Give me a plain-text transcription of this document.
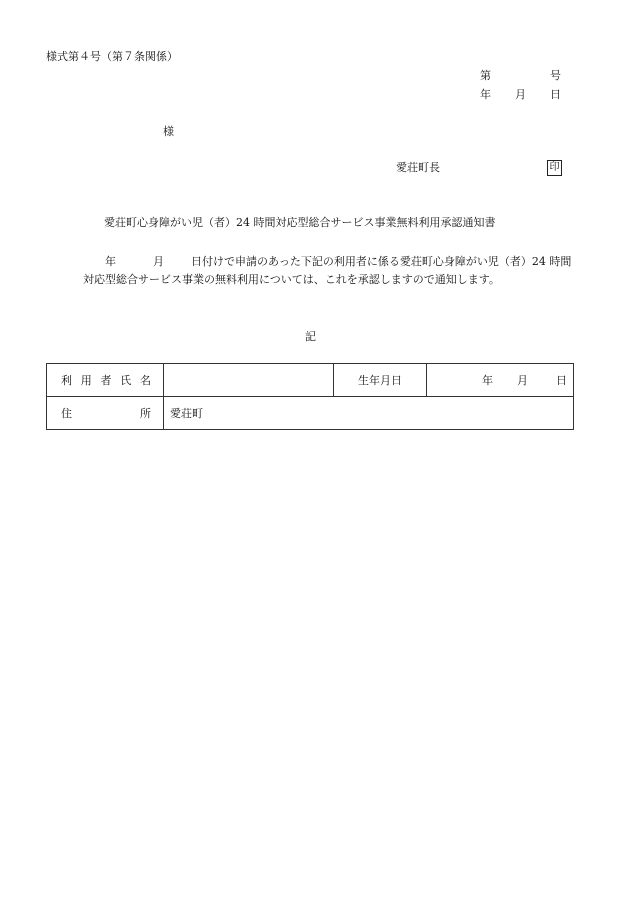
様式第４号（第７条関係）
第	号
年 月 日
様
愛荘町長	印
愛荘町心身障がい児（者）24 時間対応型総合サービス事業無料利用承認通知書
年	月 日付けで申請のあった下記の利用者に係る愛荘町心身障がい児（者）24 時間
対応型総合サービス事業の無料利用については、これを承認しますので通知します。
記
利 用 者 氏 名		生年月日	年 月 日

住 所	愛荘町		
